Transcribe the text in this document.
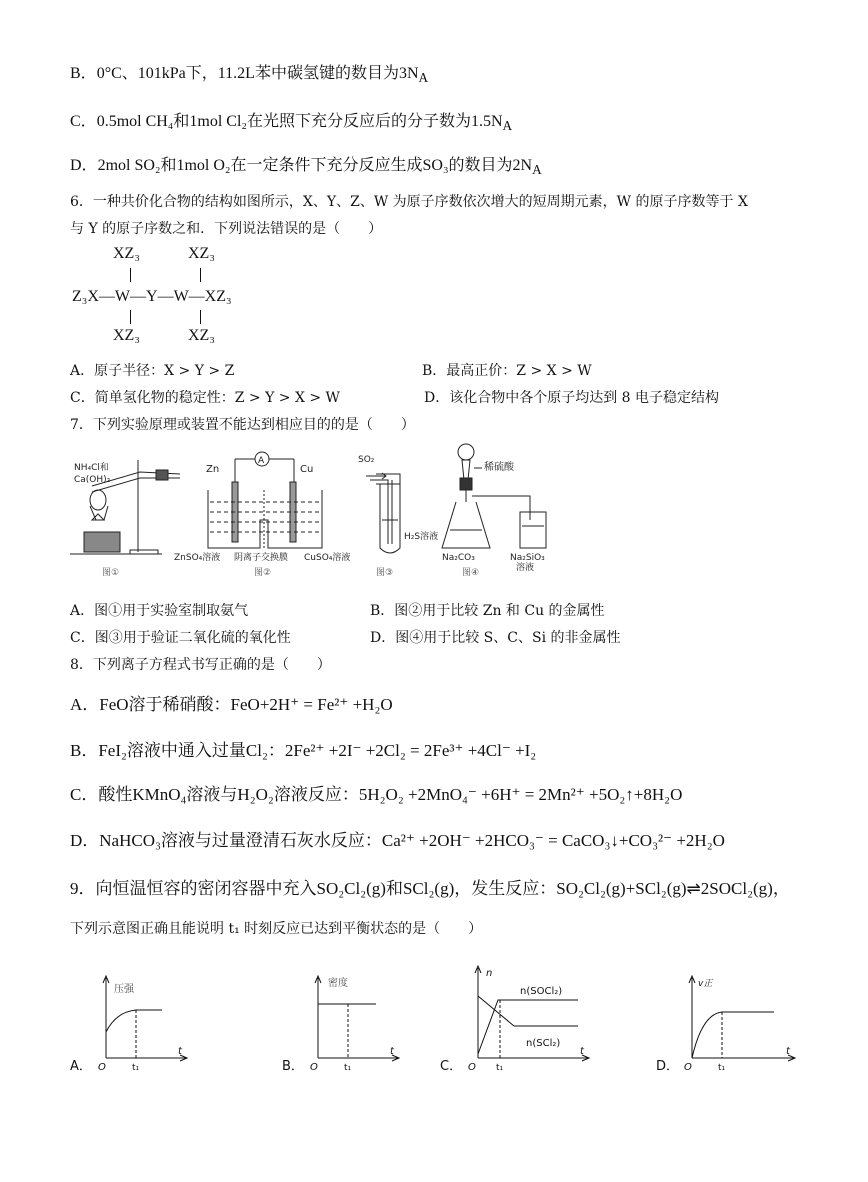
B．0°C、101kPa下，11.2L苯中碳氢键的数目为$3N_A$
C．0.5mol CH₄和1mol Cl₂在光照下充分反应后的分子数为$1.5N_A$
D．2mol SO₂和1mol O₂在一定条件下充分反应生成SO₃的数目为$2N_A$
6．一种共价化合物的结构如图所示，X、Y、Z、W 为原子序数依次增大的短周期元素，W 的原子序数等于 X
与 Y 的原子序数之和．下列说法错误的是（　　）
XZ₃	XZ₃
Z₃X—W—Y—W—XZ₃
XZ₃	XZ₃
A．原子半径：X > Y > Z	B．最高正价：Z > X > W
C．简单氢化物的稳定性：Z > Y > X > W	D．该化合物中各个原子均达到 8 电子稳定结构
7．下列实验原理或装置不能达到相应目的的是（　　）
NH₄Cl和
Ca(OH)₂
图①
Zn	Cu
A
ZnSO₄溶液 阴离子交换膜 CuSO₄溶液
图②
SO₂
H₂S溶液
图③
稀硫酸
Na₂CO₃	Na₂SiO₃
溶液
图④
A．图①用于实验室制取氨气	B．图②用于比较 Zn 和 Cu 的金属性
C．图③用于验证二氧化硫的氧化性	D．图④用于比较 S、C、Si 的非金属性
8．下列离子方程式书写正确的是（　　）
A．FeO溶于稀硝酸：FeO+2H⁺ = Fe²⁺ +H₂O
B．FeI₂溶液中通入过量Cl₂：2Fe²⁺ +2I⁻ +2Cl₂ = 2Fe³⁺ +4Cl⁻ +I₂
C．酸性KMnO₄溶液与H₂O₂溶液反应：5H₂O₂ +2MnO₄⁻ +6H⁺ = 2Mn²⁺ +5O₂↑+8H₂O
D．NaHCO₃溶液与过量澄清石灰水反应：Ca²⁺ +2OH⁻ +2HCO₃⁻ = CaCO₃↓+CO₃²⁻ +2H₂O
9．向恒温恒容的密闭容器中充入SO₂Cl₂(g)和SCl₂(g)，发生反应：SO₂Cl₂(g)+SCl₂(g)⇌2SOCl₂(g)，
下列示意图正确且能说明 t₁ 时刻反应已达到平衡状态的是（　　）
A．
压强
O	t₁
t
B．
密度
O	t₁
t
C．
n
n(SOCl₂)
n(SCl₂)
O t₁
t
D．
v正
O	t₁
t
